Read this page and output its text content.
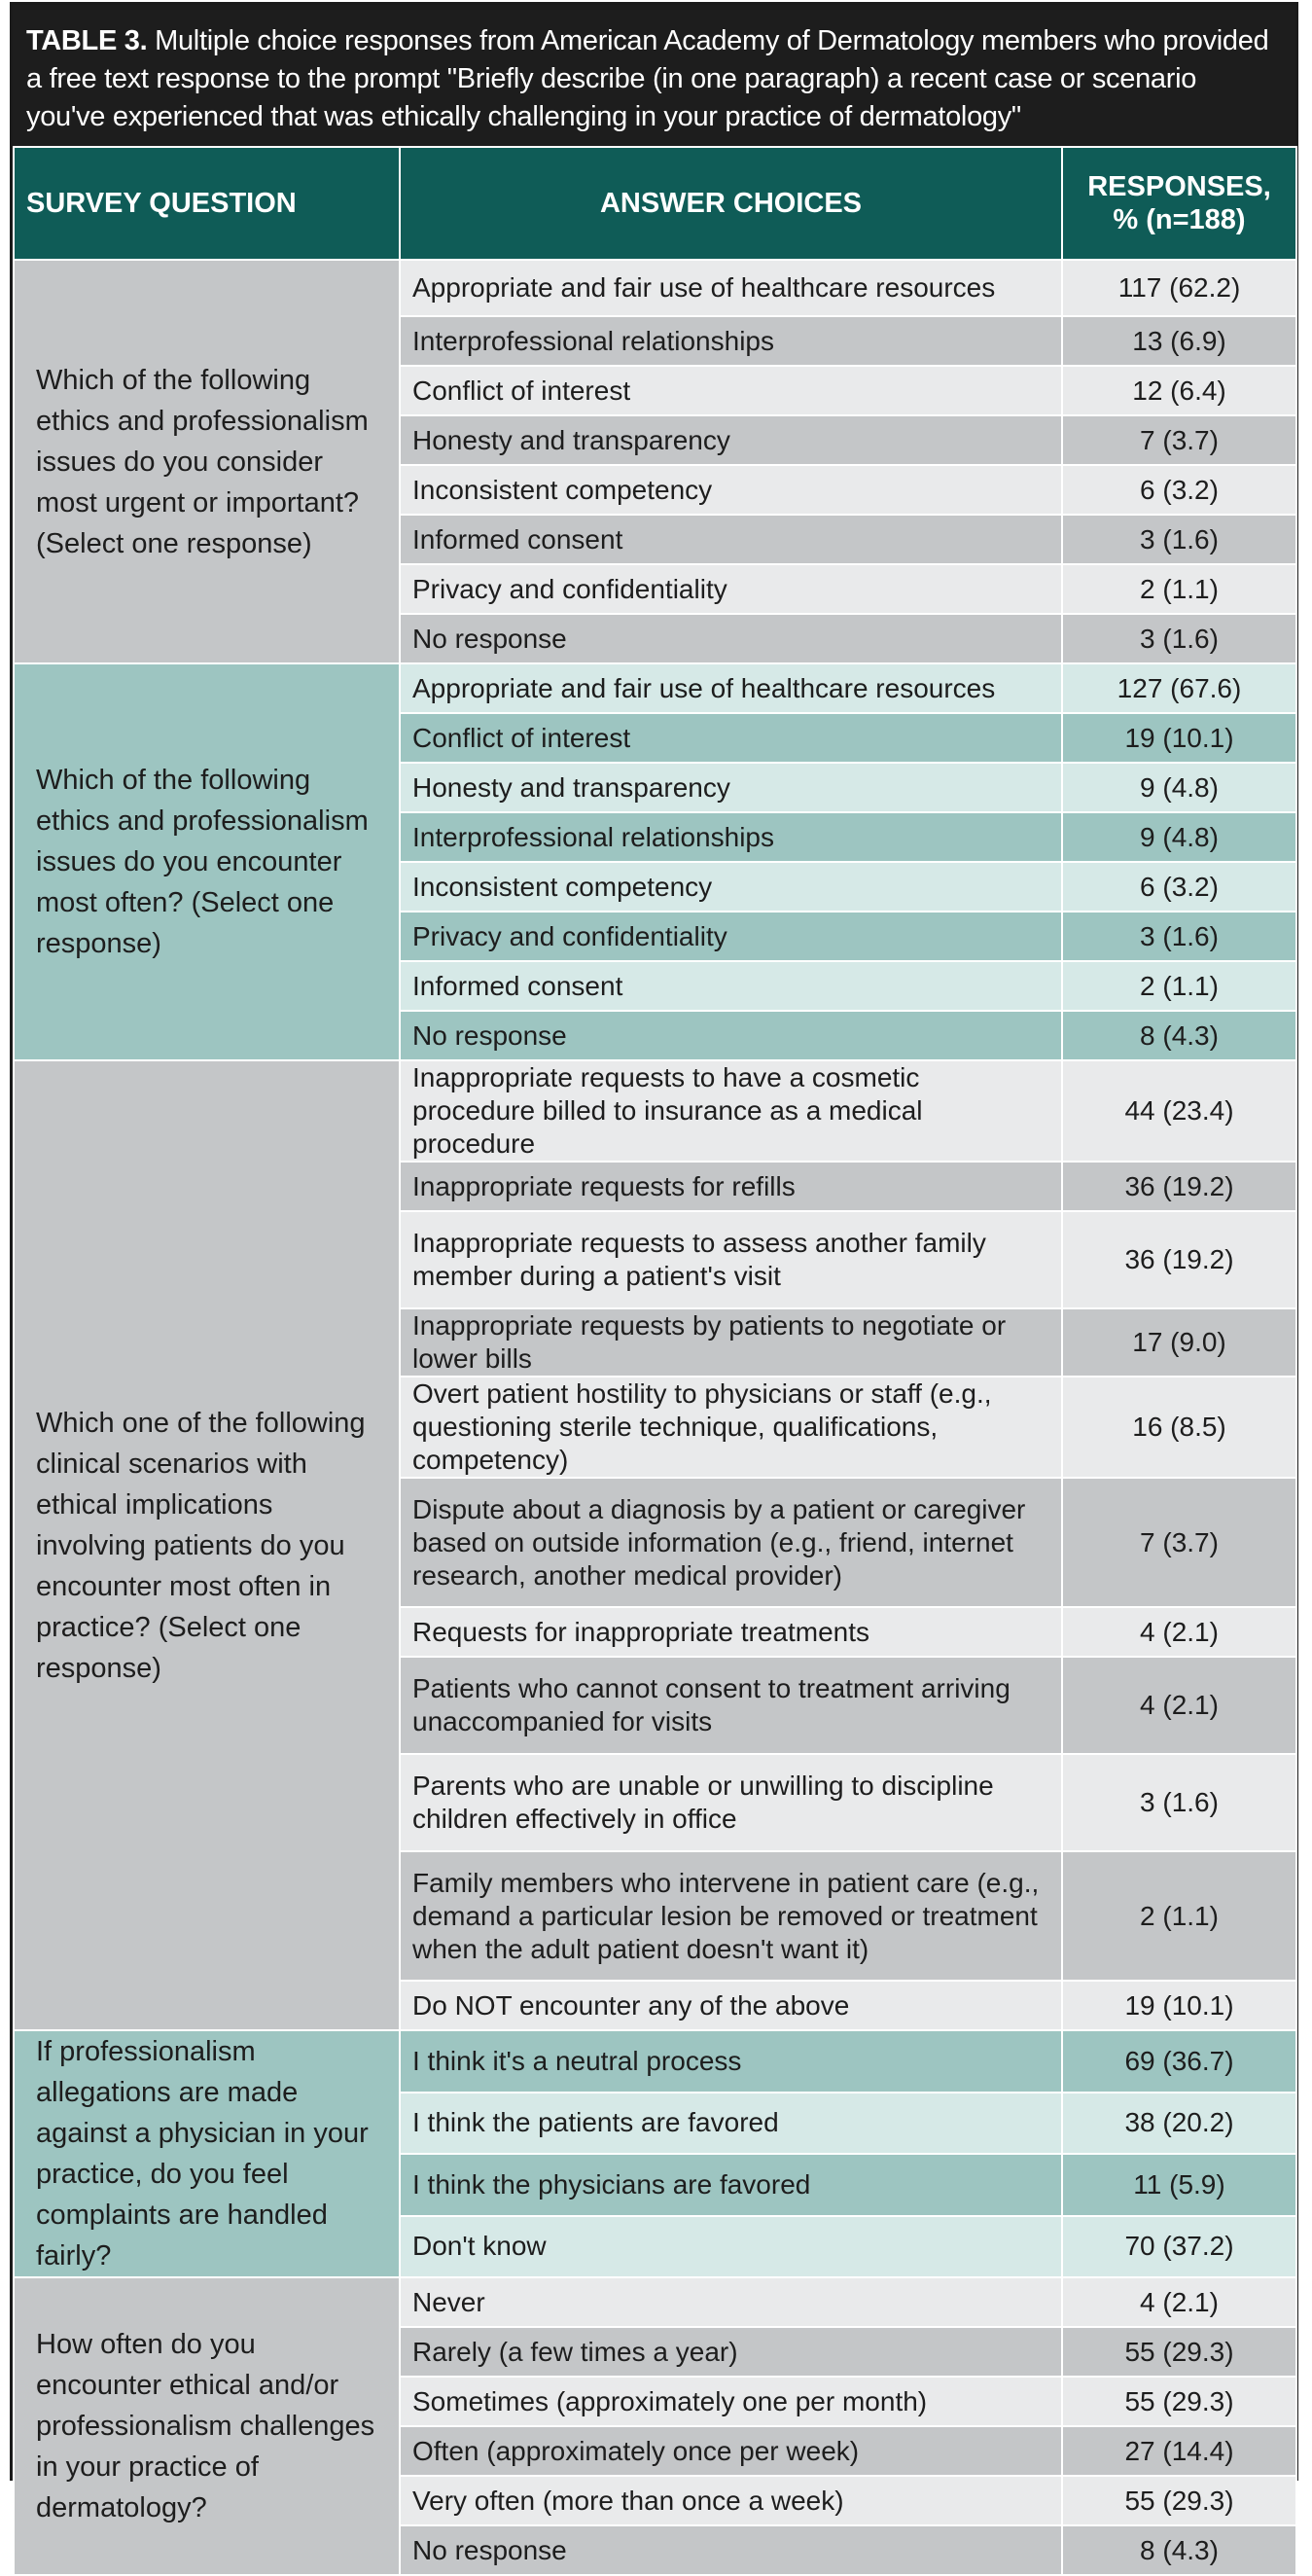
TABLE 3. Multiple choice responses from American Academy of Dermatology members who provided a free text response to the prompt "Briefly describe (in one paragraph) a recent case or scenario you've experienced that was ethically challenging in your practice of dermatology"
SURVEY QUESTION	ANSWER CHOICES	RESPONSES, % (n=188)
Which of the following ethics and professionalism issues do you consider most urgent or important? (Select one response)	Appropriate and fair use of healthcare resources	117 (62.2)
	Interprofessional relationships	13 (6.9)
	Conflict of interest	12 (6.4)
	Honesty and transparency	7 (3.7)
	Inconsistent competency	6 (3.2)
	Informed consent	3 (1.6)
	Privacy and confidentiality	2 (1.1)
	No response	3 (1.6)
Which of the following ethics and professionalism issues do you encounter most often? (Select one response)	Appropriate and fair use of healthcare resources	127 (67.6)
	Conflict of interest	19 (10.1)
	Honesty and transparency	9 (4.8)
	Interprofessional relationships	9 (4.8)
	Inconsistent competency	6 (3.2)
	Privacy and confidentiality	3 (1.6)
	Informed consent	2 (1.1)
	No response	8 (4.3)
Which one of the following clinical scenarios with ethical implications involving patients do you encounter most often in practice? (Select one response)	Inappropriate requests to have a cosmetic procedure billed to insurance as a medical procedure	44 (23.4)
	Inappropriate requests for refills	36 (19.2)
	Inappropriate requests to assess another family member during a patient's visit	36 (19.2)
	Inappropriate requests by patients to negotiate or lower bills	17 (9.0)
	Overt patient hostility to physicians or staff (e.g., questioning sterile technique, qualifications, competency)	16 (8.5)
	Dispute about a diagnosis by a patient or caregiver based on outside information (e.g., friend, internet research, another medical provider)	7 (3.7)
	Requests for inappropriate treatments	4 (2.1)
	Patients who cannot consent to treatment arriving unaccompanied for visits	4 (2.1)
	Parents who are unable or unwilling to discipline children effectively in office	3 (1.6)
	Family members who intervene in patient care (e.g., demand a particular lesion be removed or treatment when the adult patient doesn't want it)	2 (1.1)
	Do NOT encounter any of the above	19 (10.1)
If professionalism allegations are made against a physician in your practice, do you feel complaints are handled fairly?	I think it's a neutral process	69 (36.7)
	I think the patients are favored	38 (20.2)
	I think the physicians are favored	11 (5.9)
	Don't know	70 (37.2)
How often do you encounter ethical and/or professionalism challenges in your practice of dermatology?	Never	4 (2.1)
	Rarely (a few times a year)	55 (29.3)
	Sometimes (approximately one per month)	55 (29.3)
	Often (approximately once per week)	27 (14.4)
	Very often (more than once a week)	55 (29.3)
	No response	8 (4.3)
